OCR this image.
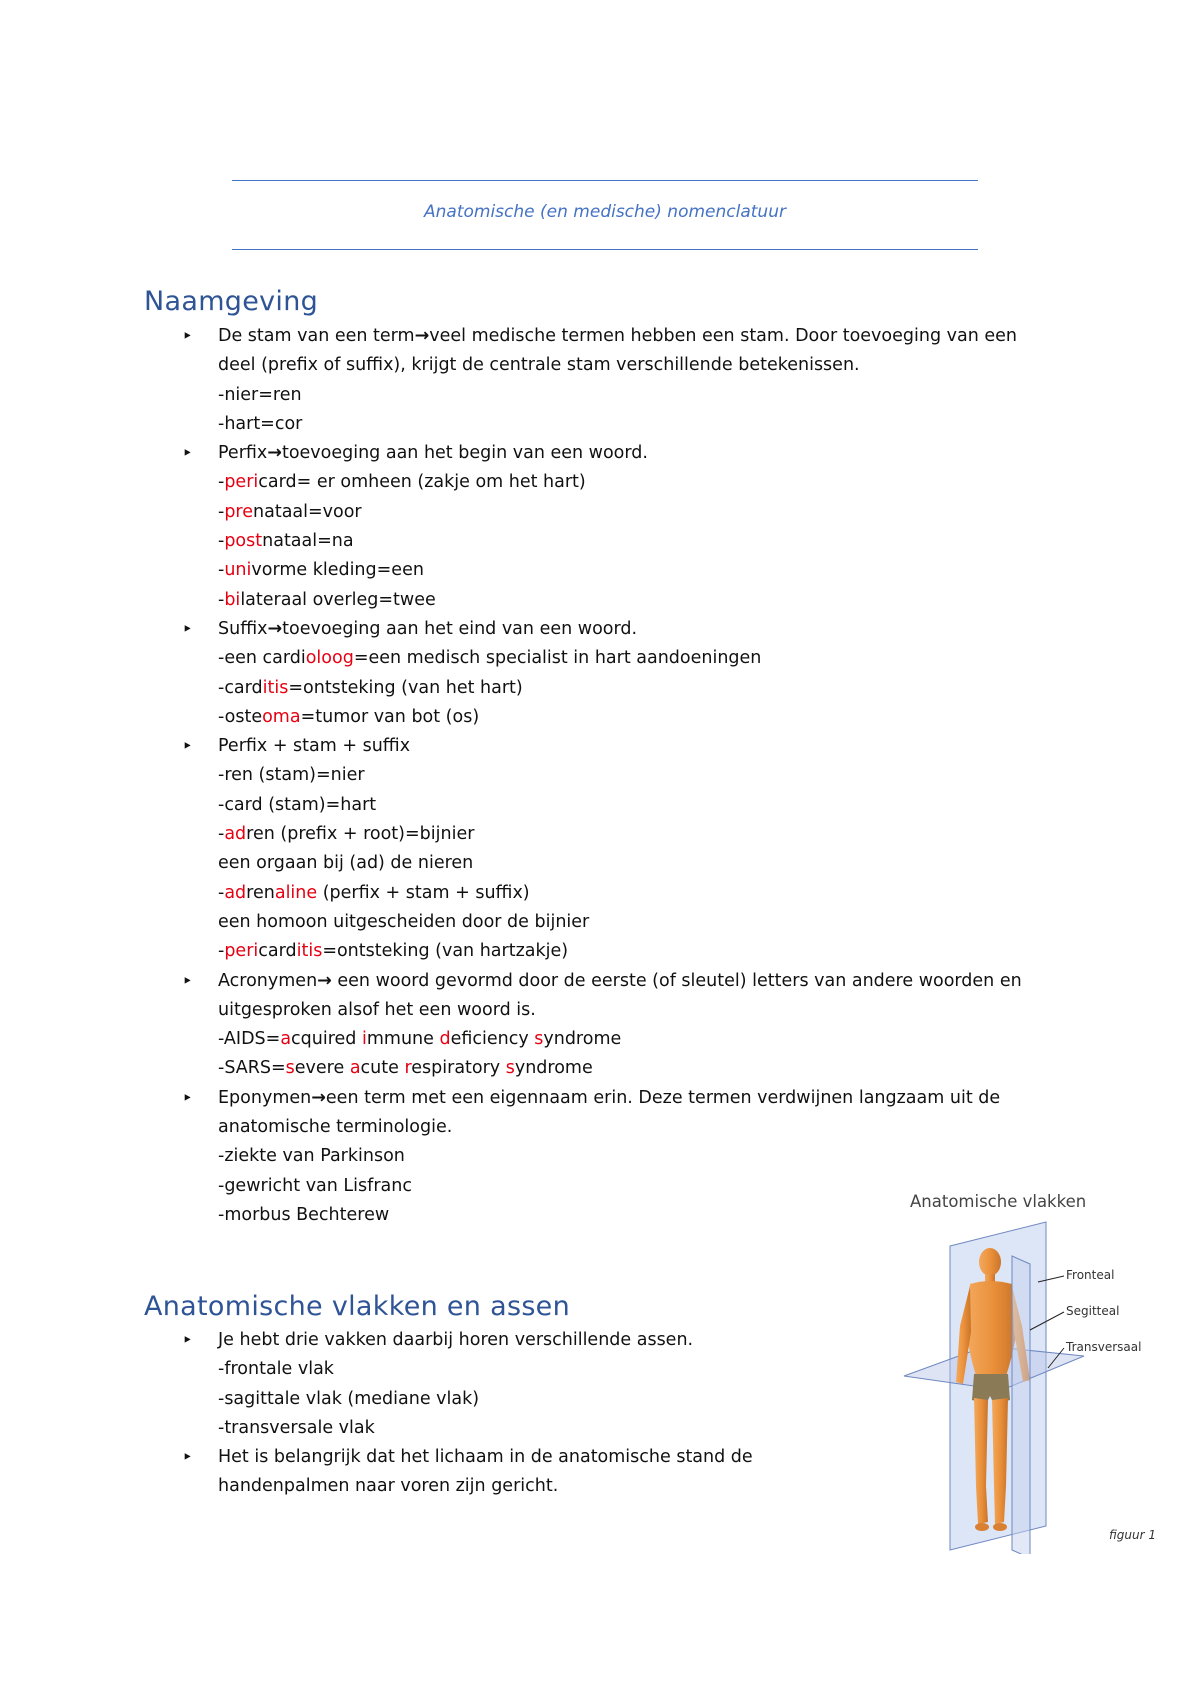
Anatomische (en medische) nomenclatuur
Naamgeving
‣ De stam van een term→veel medische termen hebben een stam. Door toevoeging van een
deel (prefix of suffix), krijgt de centrale stam verschillende betekenissen.
-nier=ren
-hart=cor
‣ Perfix→toevoeging aan het begin van een woord.
-pericard= er omheen (zakje om het hart)
-prenataal=voor
-postnataal=na
-univorme kleding=een
-bilateraal overleg=twee
‣ Suffix→toevoeging aan het eind van een woord.
-een cardioloog=een medisch specialist in hart aandoeningen
-carditis=ontsteking (van het hart)
-osteoma=tumor van bot (os)
‣ Perfix + stam + suffix
-ren (stam)=nier
-card (stam)=hart
-adren (prefix + root)=bijnier
een orgaan bij (ad) de nieren
-adrenaline (perfix + stam + suffix)
een homoon uitgescheiden door de bijnier
-pericarditis=ontsteking (van hartzakje)
‣ Acronymen→ een woord gevormd door de eerste (of sleutel) letters van andere woorden en
uitgesproken alsof het een woord is.
-AIDS=acquired immune deficiency syndrome
-SARS=severe acute respiratory syndrome
‣ Eponymen→een term met een eigennaam erin. Deze termen verdwijnen langzaam uit de
anatomische terminologie.
-ziekte van Parkinson
-gewricht van Lisfranc
-morbus Bechterew
Anatomische vlakken en assen
‣ Je hebt drie vakken daarbij horen verschillende assen.
-frontale vlak
-sagittale vlak (mediane vlak)
-transversale vlak
‣ Het is belangrijk dat het lichaam in de anatomische stand de
handenpalmen naar voren zijn gericht.
Anatomische vlakken
Fronteal
Segitteal
Transversaal
figuur 1
